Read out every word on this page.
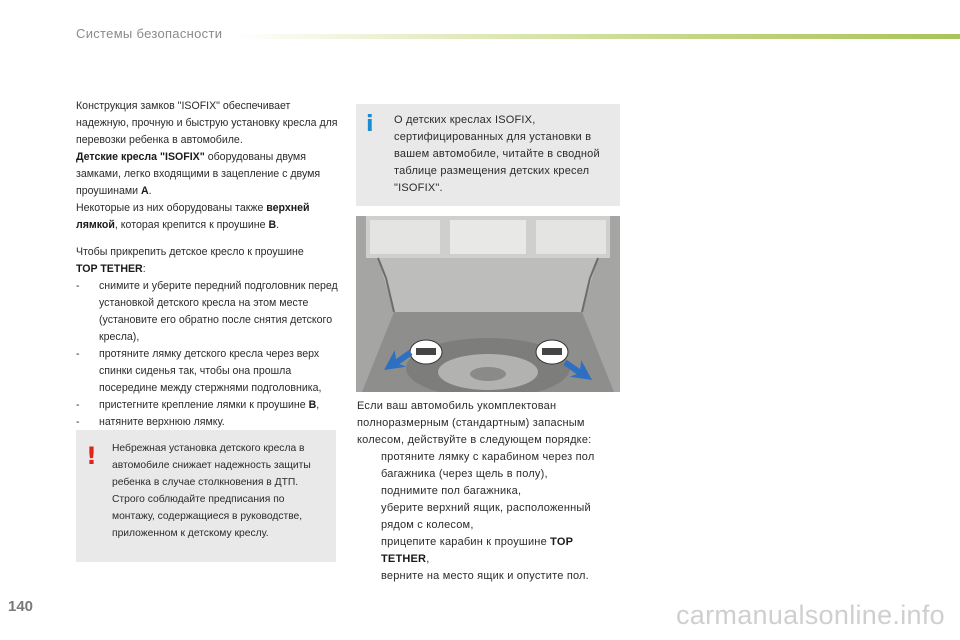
Системы безопасности

Конструкция замков "ISOFIX" обеспечивает надежную, прочную и быструю установку кресла для перевозки ребенка в автомобиле.
Детские кресла "ISOFIX" оборудованы двумя замками, легко входящими в зацепление с двумя проушинами A.
Некоторые из них оборудованы также верхней лямкой, которая крепится к проушине B.

Чтобы прикрепить детское кресло к проушине
TOP TETHER:

- снимите и уберите передний подголовник перед установкой детского кресла на этом месте (установите его обратно после снятия детского кресла),
- протяните лямку детского кресла через верх спинки сиденья так, чтобы она прошла посередине между стержнями подголовника,
- пристегните крепление лямки к проушине B,
- натяните верхнюю лямку.
! Небрежная установка детского кресла в автомобиле снижает надежность защиты ребенка в случае столкновения в ДТП. Строго соблюдайте предписания по монтажу, содержащиеся в руководстве, приложенном к детскому креслу.
i О детских креслах ISOFIX, сертифицированных для установки в вашем автомобиле, читайте в сводной таблице размещения детских кресел "ISOFIX".

Если ваш автомобиль укомплектован полноразмерным (стандартным) запасным колесом, действуйте в следующем порядке:

протяните лямку с карабином через пол багажника (через щель в полу),
поднимите пол багажника,
уберите верхний ящик, расположенный рядом с колесом,
прицепите карабин к проушине TOP TETHER,
верните на место ящик и опустите пол.
140	carmanualsonline.info
